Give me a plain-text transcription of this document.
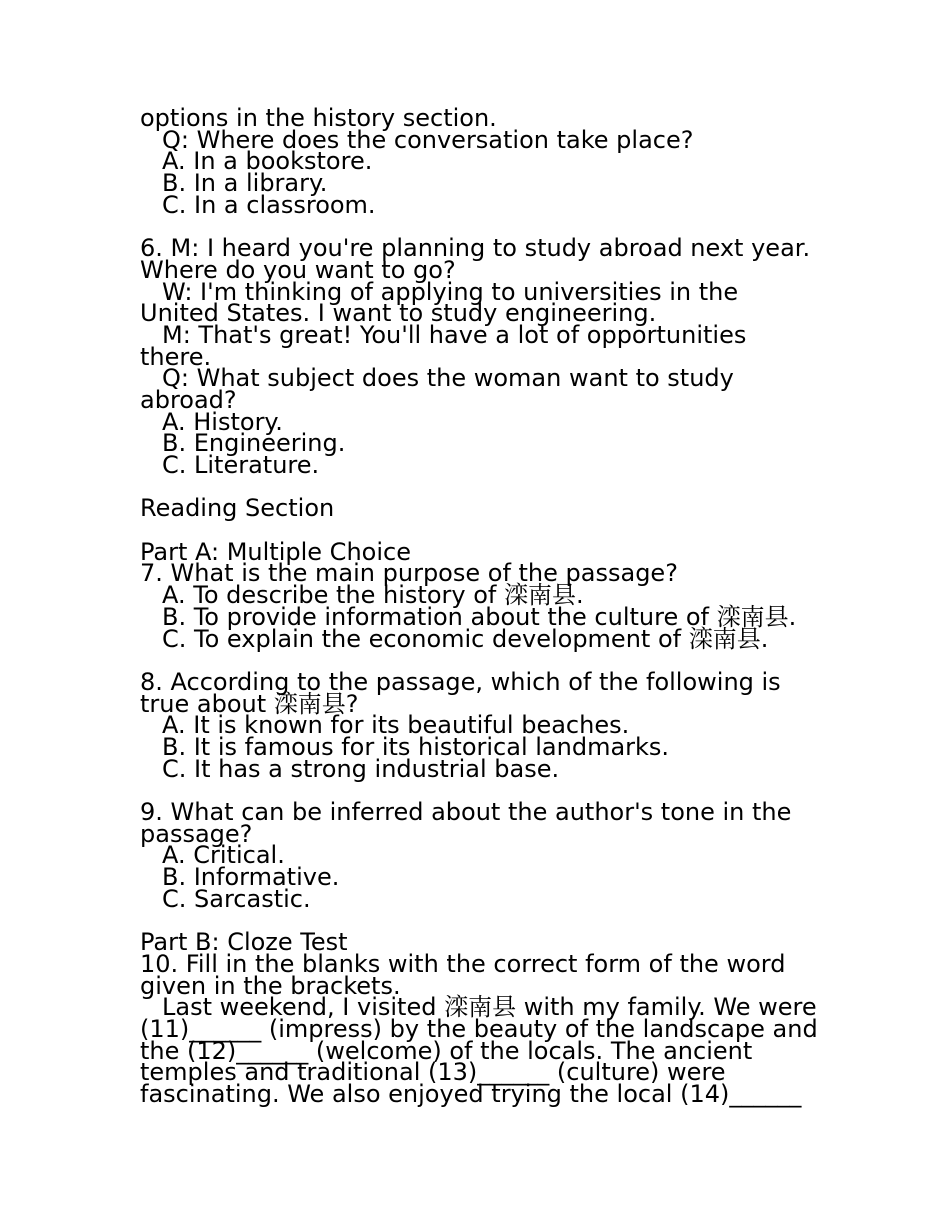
options in the history section.
Q: Where does the conversation take place?
A. In a bookstore.
B. In a library.
C. In a classroom.
6. M: I heard you're planning to study abroad next year.
Where do you want to go?
W: I'm thinking of applying to universities in the
United States. I want to study engineering.
M: That's great! You'll have a lot of opportunities
there.
Q: What subject does the woman want to study
abroad?
A. History.
B. Engineering.
C. Literature.
Reading Section
Part A: Multiple Choice
7. What is the main purpose of the passage?
A. To describe the history of 滦南县.
B. To provide information about the culture of 滦南县.
C. To explain the economic development of 滦南县.
8. According to the passage, which of the following is
true about 滦南县?
A. It is known for its beautiful beaches.
B. It is famous for its historical landmarks.
C. It has a strong industrial base.
9. What can be inferred about the author's tone in the
passage?
A. Critical.
B. Informative.
C. Sarcastic.
Part B: Cloze Test
10. Fill in the blanks with the correct form of the word
given in the brackets.
Last weekend, I visited 滦南县 with my family. We were
(11)______ (impress) by the beauty of the landscape and
the (12)______ (welcome) of the locals. The ancient
temples and traditional (13)______ (culture) were
fascinating. We also enjoyed trying the local (14)______
